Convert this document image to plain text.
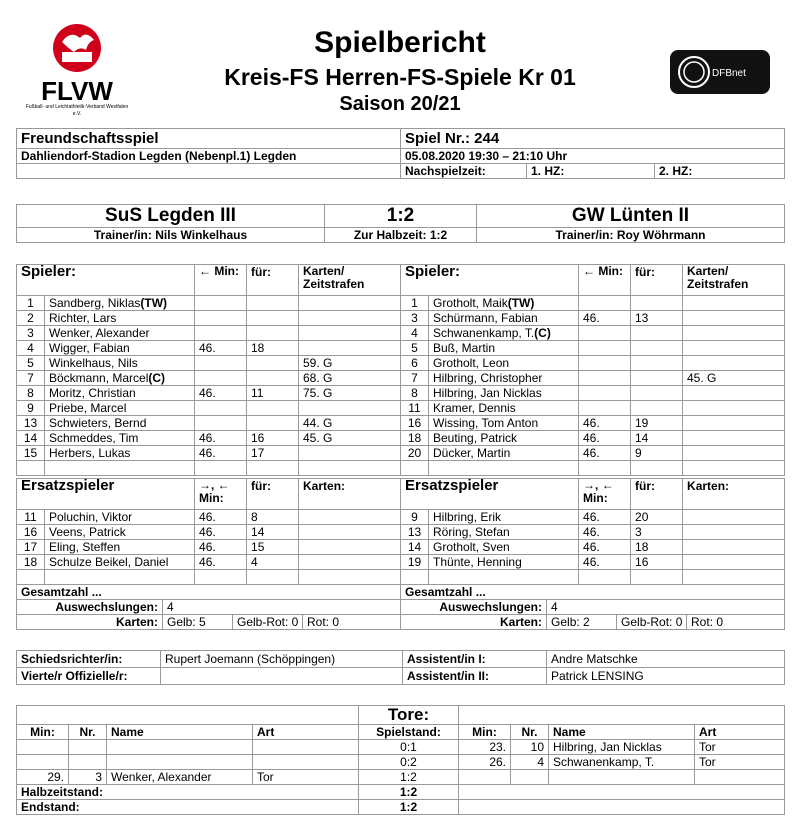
FLVW
Fußball- und Leichtathletik-Verband Westfalen e.V.
Spielbericht
Kreis-FS Herren-FS-Spiele Kr 01
Saison 20/21
DFBnet
Freundschaftsspiel	Spiel Nr.: 244		
Dahliendorf-Stadion Legden (Nebenpl.1) Legden	05.08.2020 19:30 – 21:10 Uhr		
	Nachspielzeit:	1. HZ:	2. HZ:
SuS Legden III	1:2	GW Lünten II
Trainer/in: Nils Winkelhaus	Zur Halbzeit: 1:2	Trainer/in: Roy Wöhrmann
Spieler:		← Min:	für:	Karten/ Zeitstrafen	Spieler:		← Min:	für:	Karten/ Zeitstrafen
1	Sandberg, Niklas(TW)				1	Grotholt, Maik(TW)			
2	Richter, Lars				3	Schürmann, Fabian	46.	13	
3	Wenker, Alexander				4	Schwanenkamp, T.(C)			
4	Wigger, Fabian	46.	18		5	Buß, Martin			
5	Winkelhaus, Nils			59. G	6	Grotholt, Leon			
7	Böckmann, Marcel(C)			68. G	7	Hilbring, Christopher			45. G
8	Moritz, Christian	46.	11	75. G	8	Hilbring, Jan Nicklas			
9	Priebe, Marcel				11	Kramer, Dennis			
13	Schwieters, Bernd			44. G	16	Wissing, Tom Anton	46.	19	
14	Schmeddes, Tim	46.	16	45. G	18	Beuting, Patrick	46.	14	
15	Herbers, Lukas	46.	17		20	Dücker, Martin	46.	9	

Ersatzspieler		→, ← Min:	für:	Karten:	Ersatzspieler		→, ← Min:	für:	Karten:
11	Poluchin, Viktor	46.	8		9	Hilbring, Erik	46.	20	
16	Veens, Patrick	46.	14		13	Röring, Stefan	46.	3	
17	Eling, Steffen	46.	15		14	Grotholt, Sven	46.	18	
18	Schulze Beikel, Daniel	46.	4		19	Thünte, Henning	46.	16	

Gesamtzahl ...				Gesamtzahl ...			
Auswechslungen:	4			Auswechslungen:	4		
Karten:	Gelb: 5	Gelb-Rot: 0	Rot: 0	Karten:	Gelb: 2	Gelb-Rot: 0	Rot: 0
Schiedsrichter/in:	Rupert Joemann (Schöppingen)	Assistent/in I:	Andre Matschke
Vierte/r Offizielle/r:		Assistent/in II:	Patrick LENSING
				Tore:				
Min:	Nr.	Name	Art	Spielstand:	Min:	Nr.	Name	Art
				0:1	23.	10	Hilbring, Jan Nicklas	Tor
				0:2	26.	4	Schwanenkamp, T.	Tor
29.	3	Wenker, Alexander	Tor	1:2				
Halbzeitstand:				1:2				
Endstand:				1:2				
